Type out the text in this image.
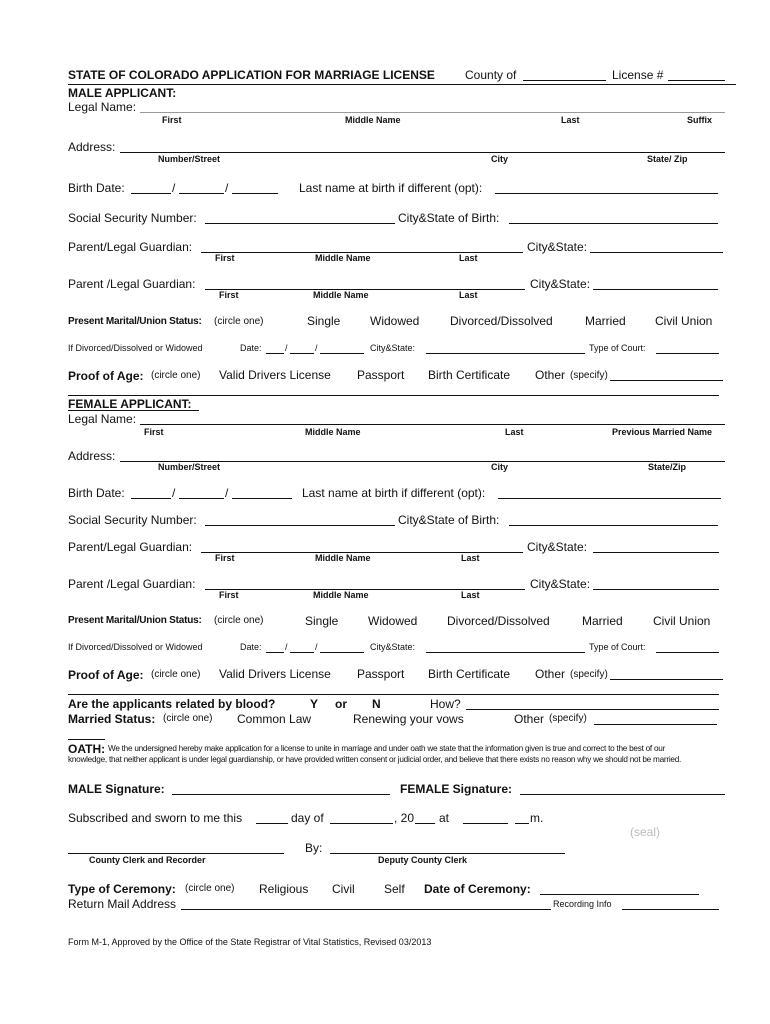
STATE OF COLORADO APPLICATION FOR MARRIAGE LICENSE	County of	License #
MALE APPLICANT:
Legal Name:
First	Middle Name	Last	Suffix
Address:
Number/Street	City	State/ Zip
Birth Date:	/	/	Last name at birth if different (opt):
Social Security Number:	City&State of Birth:
Parent/Legal Guardian:	City&State:
First	Middle Name	Last
Parent /Legal Guardian:	City&State:
First	Middle Name	Last
Present Marital/Union Status: (circle one)	Single Widowed	Divorced/Dissolved	Married Civil Union
If Divorced/Dissolved or Widowed	Date:	/	/	City&State:	Type of Court:
Proof of Age: (circle one) Valid Drivers License Passport Birth Certificate Other (specify)
FEMALE APPLICANT:
Legal Name:
First	Middle Name	Last	Previous Married Name
Address:
Number/Street	City	State/Zip
Birth Date:	/	/	Last name at birth if different (opt):
Social Security Number:	City&State of Birth:
Parent/Legal Guardian:	City&State:
First	Middle Name	Last
Parent /Legal Guardian:	City&State:
First	Middle Name	Last
Present Marital/Union Status: (circle one)	Single Widowed Divorced/Dissolved	Married	Civil Union
If Divorced/Dissolved or Widowed	Date:	/	/	City&State:	Type of Court:
Proof of Age: (circle one) Valid Drivers License Passport Birth Certificate Other (specify)
Are the applicants related by blood?	Y or N	How?
Married Status: (circle one) Common Law	Renewing your vows	Other (specify)
OATH: We the undersigned hereby make application for a license to unite in marriage and under oath we state that the information given is true and correct to the best of our
knowledge, that neither applicant is under legal guardianship, or have provided written consent or judicial order, and believe that there exists no reason why we should not be married.
MALE Signature:	FEMALE Signature:
Subscribed and sworn to me this	day of	, 20 at	m.
(seal)
By:
County Clerk and Recorder	Deputy County Clerk
Type of Ceremony: (circle one) Religious Civil Self Date of Ceremony:
Return Mail Address	Recording Info
Form M-1, Approved by the Office of the State Registrar of Vital Statistics, Revised 03/2013
